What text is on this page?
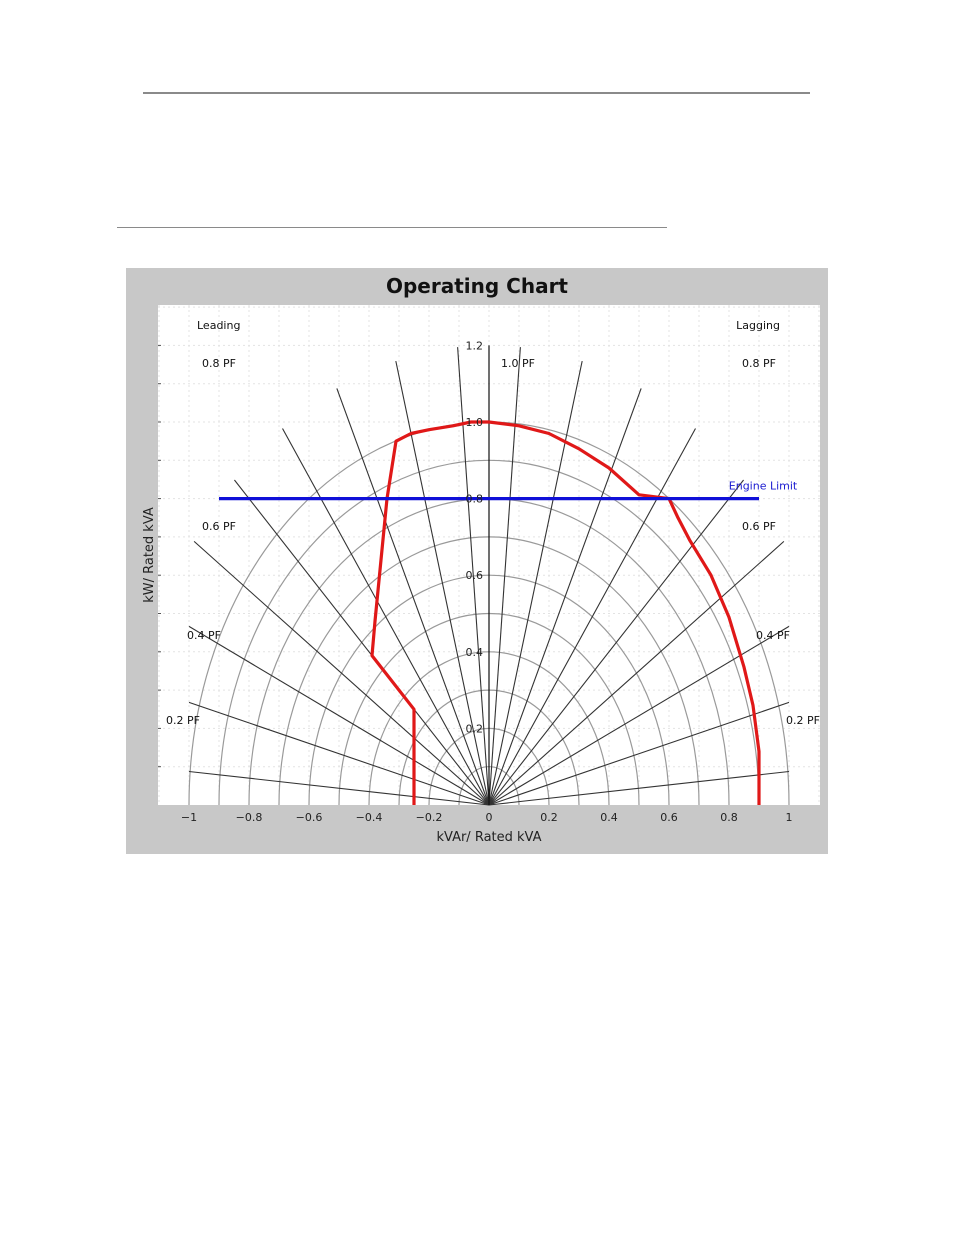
Operating Chart
Engine Limit
−1	−0.8	−0.6	−0.4	−0.2	0	0.2	0.4	0.6	0.8	1
0.2
0.4
0.6
0.8
1.0
1.2
Leading	Lagging
0.8 PF
0.6 PF
0.4 PF
0.2 PF
0.8 PF
0.6 PF
0.4 PF
0.2 PF
1.0 PF
kVAr/ Rated kVA
kW/ Rated kVA
